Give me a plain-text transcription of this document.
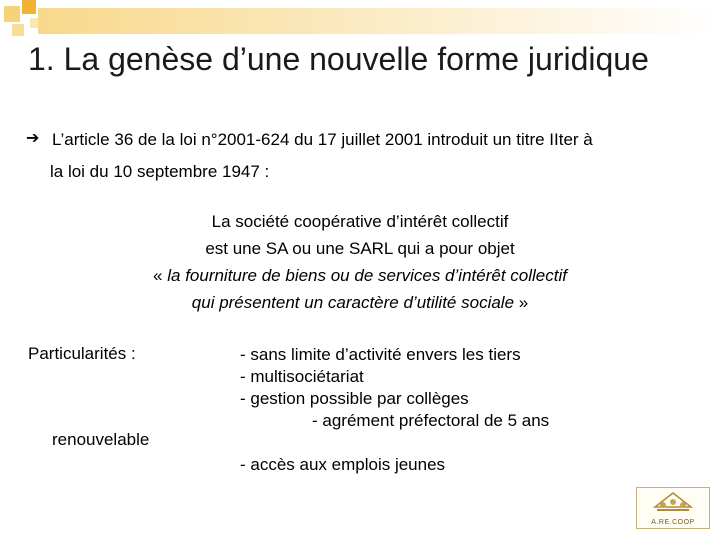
1. La genèse d’une nouvelle forme juridique
➔ L’article 36 de la loi n°2001-624 du 17 juillet 2001 introduit un titre IIter à
la loi du 10 septembre 1947 :
La société coopérative d’intérêt collectif
est une SA ou une SARL qui a pour objet
« la fourniture de biens ou de services d’intérêt collectif
qui présentent un caractère d’utilité sociale »
Particularités :
renouvelable
- sans limite d’activité envers les tiers
- multisociétariat
- gestion possible par collèges
- agrément préfectoral de 5 ans
- accès aux emplois jeunes
A.RE.COOP
